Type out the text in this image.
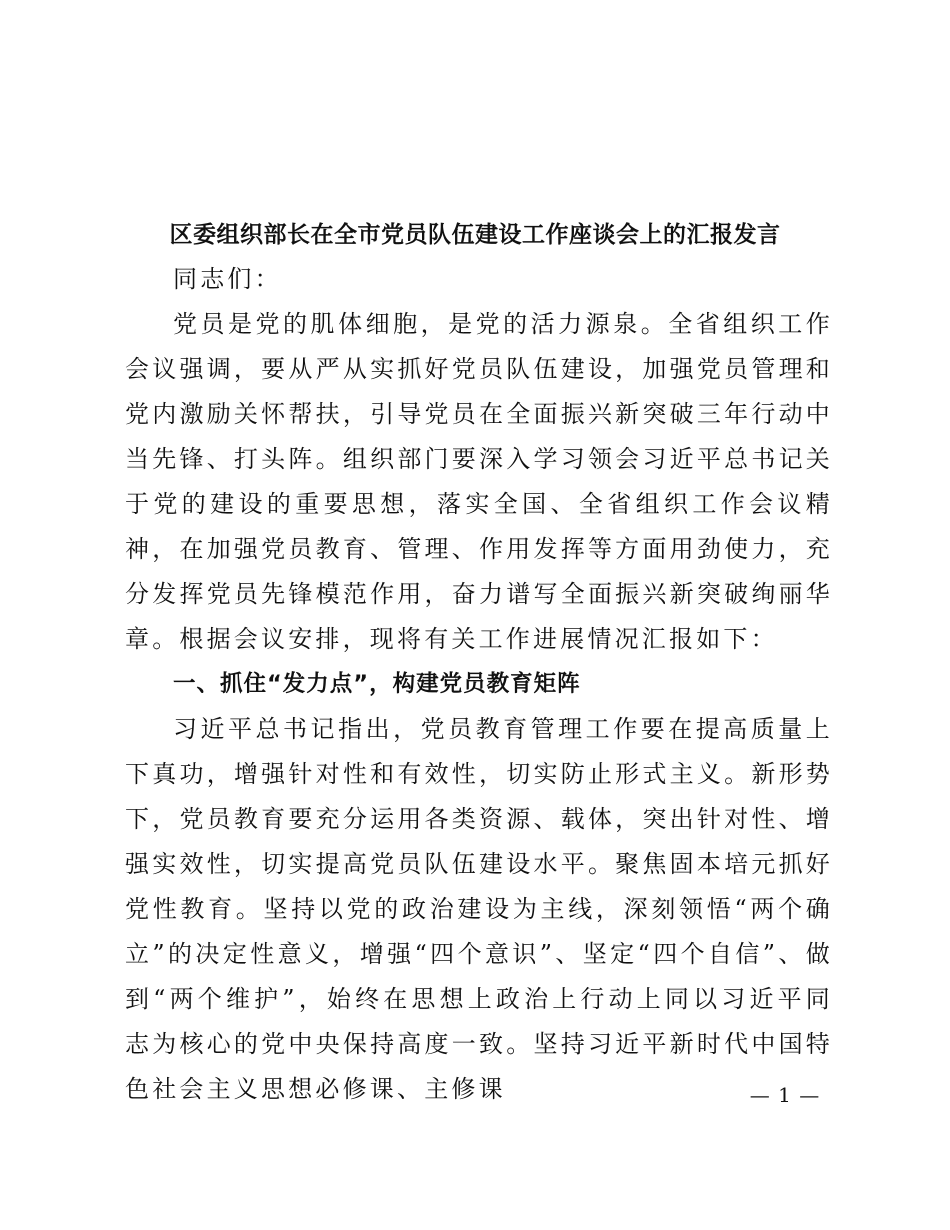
区委组织部长在全市党员队伍建设工作座谈会上的汇报发言

同志们：

党员是党的肌体细胞，是党的活力源泉。全省组织工作会议强调，要从严从实抓好党员队伍建设，加强党员管理和党内激励关怀帮扶，引导党员在全面振兴新突破三年行动中当先锋、打头阵。组织部门要深入学习领会习近平总书记关于党的建设的重要思想，落实全国、全省组织工作会议精神，在加强党员教育、管理、作用发挥等方面用劲使力，充分发挥党员先锋模范作用，奋力谱写全面振兴新突破绚丽华章。根据会议安排，现将有关工作进展情况汇报如下：

一、抓住“发力点”，构建党员教育矩阵

习近平总书记指出，党员教育管理工作要在提高质量上下真功，增强针对性和有效性，切实防止形式主义。新形势下，党员教育要充分运用各类资源、载体，突出针对性、增强实效性，切实提高党员队伍建设水平。聚焦固本培元抓好党性教育。坚持以党的政治建设为主线，深刻领悟“两个确立”的决定性意义，增强“四个意识”、坚定“四个自信”、做到“两个维护”，始终在思想上政治上行动上同以习近平同志为核心的党中央保持高度一致。坚持习近平新时代中国特色社会主义思想必修课、主修课	— 1 —
